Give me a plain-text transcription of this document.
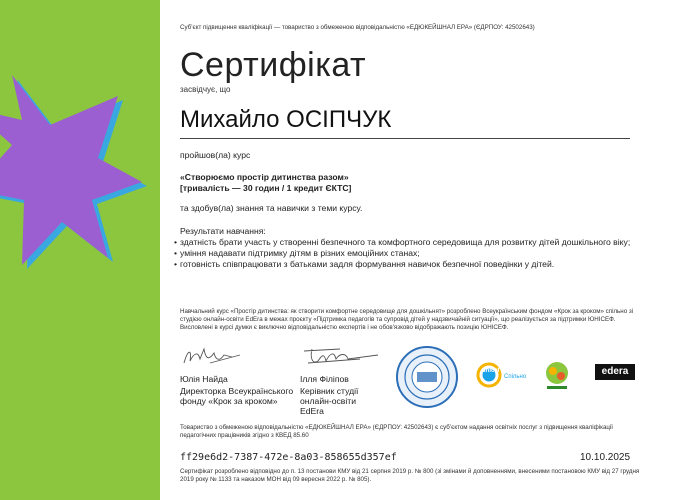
Суб’єкт підвищення кваліфікації — товариство з обмеженою відповідальністю «ЕДЮКЕЙШНАЛ ЕРА» (ЄДРПОУ: 42502643)
Сертифікат
засвідчує, що
Михайло ОСІПЧУК
пройшов(ла) курс
«Створюємо простір дитинства разом»
[тривалість — 30 годин / 1 кредит ЄКТС]
та здобув(ла) знання та навички з теми курсу.
Результати навчання:
• здатність брати участь у створенні безпечного та комфортного середовища для розвитку дітей дошкільного віку;
• уміння надавати підтримку дітям в різних емоційних станах;
• готовність співпрацювати з батьками задля формування навичок безпечної поведінки у дітей.
Навчальний курс «Простір дитинства: як створити комфортне середовище для дошкільнят» розроблено Всеукраїнським фондом «Крок за кроком» спільно зі студією онлайн-освіти EdEra в межах проєкту «Підтримка педагогів та супровід дітей у надзвичайній ситуації», що реалізується за підтримки ЮНІСЕФ. Висловлені в курсі думки є виключно відповідальністю експертів і не обов'язково відображають позицію ЮНІСЕФ.
Юлія Найда
Директорка Всеукраїнського
фонду «Крок за кроком»
Ілля Філіпов
Керівник студії
онлайн-освіти
EdEra
unicef
Спільно	edera
Товариство з обмеженою відповідальністю «ЕДЮКЕЙШНАЛ ЕРА» (ЄДРПОУ: 42502643) є суб’єктом надання освітніх послуг з підвищення кваліфікації педагогічних працівників згідно з КВЕД 85.60
ff29e6d2-7387-472e-8a03-858655d357ef	10.10.2025
Сертифікат розроблено відповідно до п. 13 постанови КМУ від 21 серпня 2019 р. № 800 (зі змінами й доповненнями, внесеними постановою КМУ від 27 грудня 2019 року № 1133 та наказом МОН від 09 вересня 2022 р. № 805).
